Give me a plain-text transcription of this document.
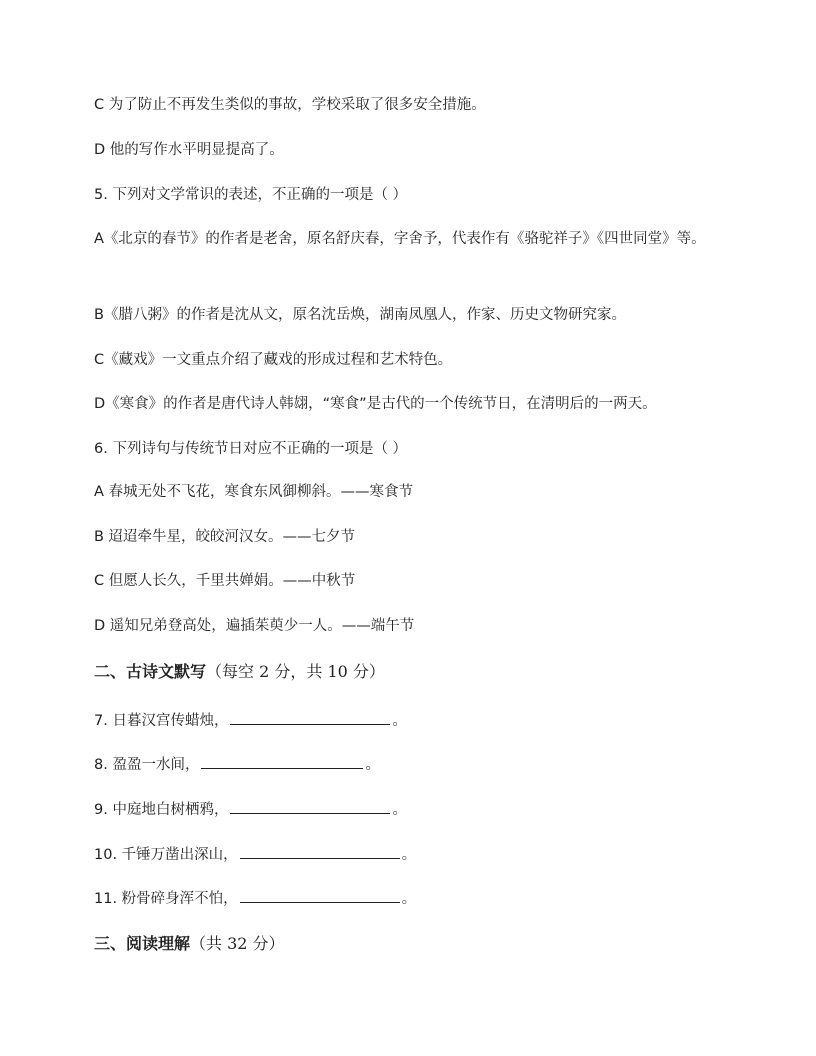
C 为了防止不再发生类似的事故，学校采取了很多安全措施。
D 他的写作水平明显提高了。
5. 下列对文学常识的表述，不正确的一项是（ ）
A《北京的春节》的作者是老舍，原名舒庆春，字舍予，代表作有《骆驼祥子》《四世同堂》等。
B《腊八粥》的作者是沈从文，原名沈岳焕，湖南凤凰人，作家、历史文物研究家。
C《藏戏》一文重点介绍了藏戏的形成过程和艺术特色。
D《寒食》的作者是唐代诗人韩翃，“寒食”是古代的一个传统节日，在清明后的一两天。
6. 下列诗句与传统节日对应不正确的一项是（ ）
A 春城无处不飞花，寒食东风御柳斜。——寒食节
B 迢迢牵牛星，皎皎河汉女。——七夕节
C 但愿人长久，千里共婵娟。——中秋节
D 遥知兄弟登高处，遍插茱萸少一人。——端午节
二、古诗文默写（每空 2 分，共 10 分）
7. 日暮汉宫传蜡烛，	。
8. 盈盈一水间，	。
9. 中庭地白树栖鸦，	。
10. 千锤万凿出深山，	。
11. 粉骨碎身浑不怕，	。
三、阅读理解（共 32 分）
